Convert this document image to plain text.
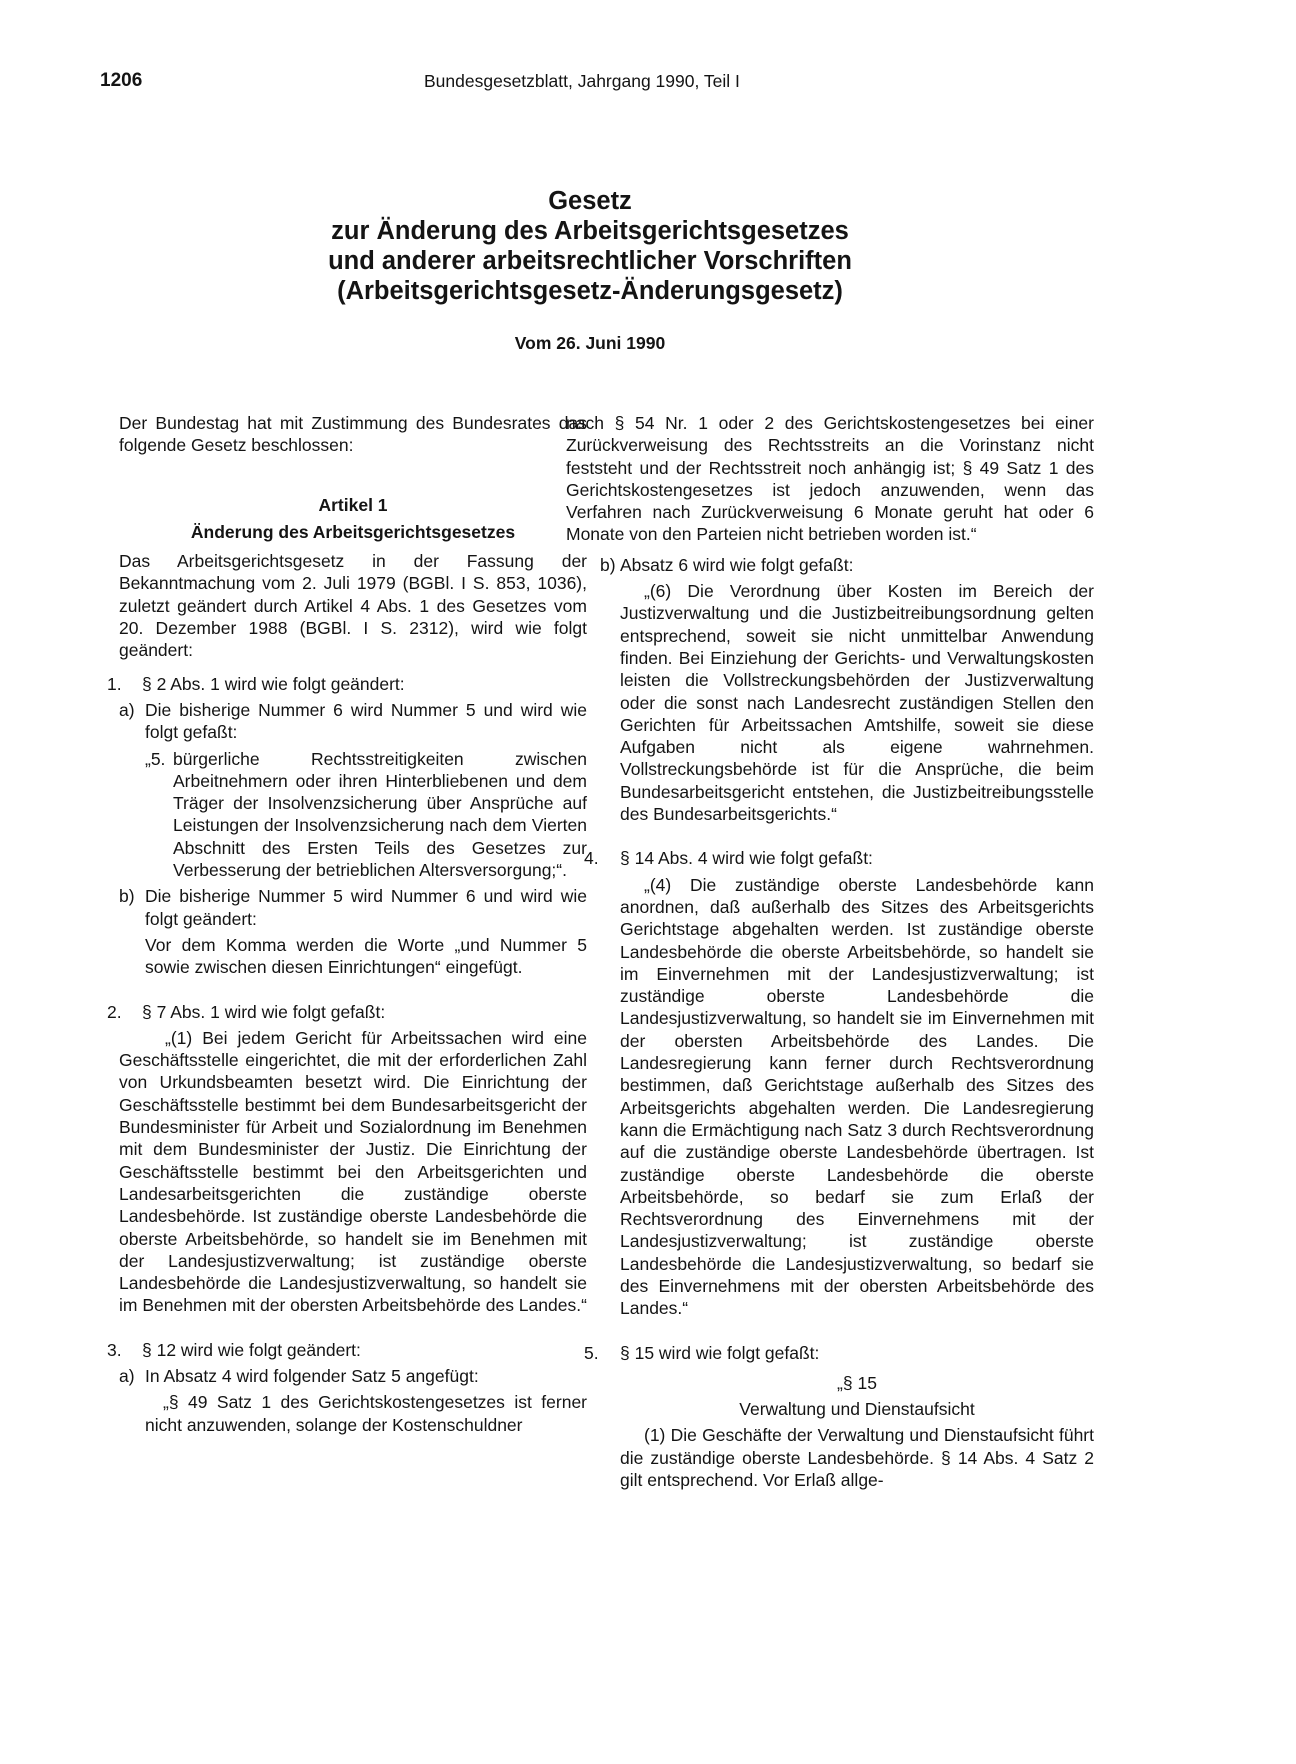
1206	Bundesgesetzblatt, Jahrgang 1990, Teil I
Gesetz
zur Änderung des Arbeitsgerichtsgesetzes
und anderer arbeitsrechtlicher Vorschriften
(Arbeitsgerichtsgesetz-Änderungsgesetz)
Vom 26. Juni 1990

Der Bundestag hat mit Zustimmung des Bundesrates das folgende Gesetz beschlossen:

Artikel 1

Änderung des Arbeitsgerichtsgesetzes

Das Arbeitsgerichtsgesetz in der Fassung der Bekanntmachung vom 2. Juli 1979 (BGBl. I S. 853, 1036), zuletzt geändert durch Artikel 4 Abs. 1 des Gesetzes vom 20. Dezember 1988 (BGBl. I S. 2312), wird wie folgt geändert:

1. § 2 Abs. 1 wird wie folgt geändert:

a) Die bisherige Nummer 6 wird Nummer 5 und wird wie folgt gefaßt:

„5. bürgerliche Rechtsstreitigkeiten zwischen Arbeitnehmern oder ihren Hinterbliebenen und dem Träger der Insolvenzsicherung über Ansprüche auf Leistungen der Insolvenzsicherung nach dem Vierten Abschnitt des Ersten Teils des Gesetzes zur Verbesserung der betrieblichen Altersversorgung;“.

b) Die bisherige Nummer 5 wird Nummer 6 und wird wie folgt geändert:

Vor dem Komma werden die Worte „und Nummer 5 sowie zwischen diesen Einrichtungen“ eingefügt.

2. § 7 Abs. 1 wird wie folgt gefaßt:

„(1) Bei jedem Gericht für Arbeitssachen wird eine Geschäftsstelle eingerichtet, die mit der erforderlichen Zahl von Urkundsbeamten besetzt wird. Die Einrichtung der Geschäftsstelle bestimmt bei dem Bundesarbeitsgericht der Bundesminister für Arbeit und Sozialordnung im Benehmen mit dem Bundesminister der Justiz. Die Einrichtung der Geschäftsstelle bestimmt bei den Arbeitsgerichten und Landesarbeitsgerichten die zuständige oberste Landesbehörde. Ist zuständige oberste Landesbehörde die oberste Arbeitsbehörde, so handelt sie im Benehmen mit der Landesjustizverwaltung; ist zuständige oberste Landesbehörde die Landesjustizverwaltung, so handelt sie im Benehmen mit der obersten Arbeitsbehörde des Landes.“

3. § 12 wird wie folgt geändert:

a) In Absatz 4 wird folgender Satz 5 angefügt:

„§ 49 Satz 1 des Gerichtskostengesetzes ist ferner nicht anzuwenden, solange der Kostenschuldner

nach § 54 Nr. 1 oder 2 des Gerichtskostengesetzes bei einer Zurückverweisung des Rechtsstreits an die Vorinstanz nicht feststeht und der Rechtsstreit noch anhängig ist; § 49 Satz 1 des Gerichtskostengesetzes ist jedoch anzuwenden, wenn das Verfahren nach Zurückverweisung 6 Monate geruht hat oder 6 Monate von den Parteien nicht betrieben worden ist.“

b) Absatz 6 wird wie folgt gefaßt:

„(6) Die Verordnung über Kosten im Bereich der Justizverwaltung und die Justizbeitreibungsordnung gelten entsprechend, soweit sie nicht unmittelbar Anwendung finden. Bei Einziehung der Gerichts- und Verwaltungskosten leisten die Vollstreckungsbehörden der Justizverwaltung oder die sonst nach Landesrecht zuständigen Stellen den Gerichten für Arbeitssachen Amtshilfe, soweit sie diese Aufgaben nicht als eigene wahrnehmen. Vollstreckungsbehörde ist für die Ansprüche, die beim Bundesarbeitsgericht entstehen, die Justizbeitreibungsstelle des Bundesarbeitsgerichts.“

4. § 14 Abs. 4 wird wie folgt gefaßt:

„(4) Die zuständige oberste Landesbehörde kann anordnen, daß außerhalb des Sitzes des Arbeitsgerichts Gerichtstage abgehalten werden. Ist zuständige oberste Landesbehörde die oberste Arbeitsbehörde, so handelt sie im Einvernehmen mit der Landesjustizverwaltung; ist zuständige oberste Landesbehörde die Landesjustizverwaltung, so handelt sie im Einvernehmen mit der obersten Arbeitsbehörde des Landes. Die Landesregierung kann ferner durch Rechtsverordnung bestimmen, daß Gerichtstage außerhalb des Sitzes des Arbeitsgerichts abgehalten werden. Die Landesregierung kann die Ermächtigung nach Satz 3 durch Rechtsverordnung auf die zuständige oberste Landesbehörde übertragen. Ist zuständige oberste Landesbehörde die oberste Arbeitsbehörde, so bedarf sie zum Erlaß der Rechtsverordnung des Einvernehmens mit der Landesjustizverwaltung; ist zuständige oberste Landesbehörde die Landesjustizverwaltung, so bedarf sie des Einvernehmens mit der obersten Arbeitsbehörde des Landes.“

5. § 15 wird wie folgt gefaßt:

„§ 15

Verwaltung und Dienstaufsicht

(1) Die Geschäfte der Verwaltung und Dienstaufsicht führt die zuständige oberste Landesbehörde. § 14 Abs. 4 Satz 2 gilt entsprechend. Vor Erlaß allge-
